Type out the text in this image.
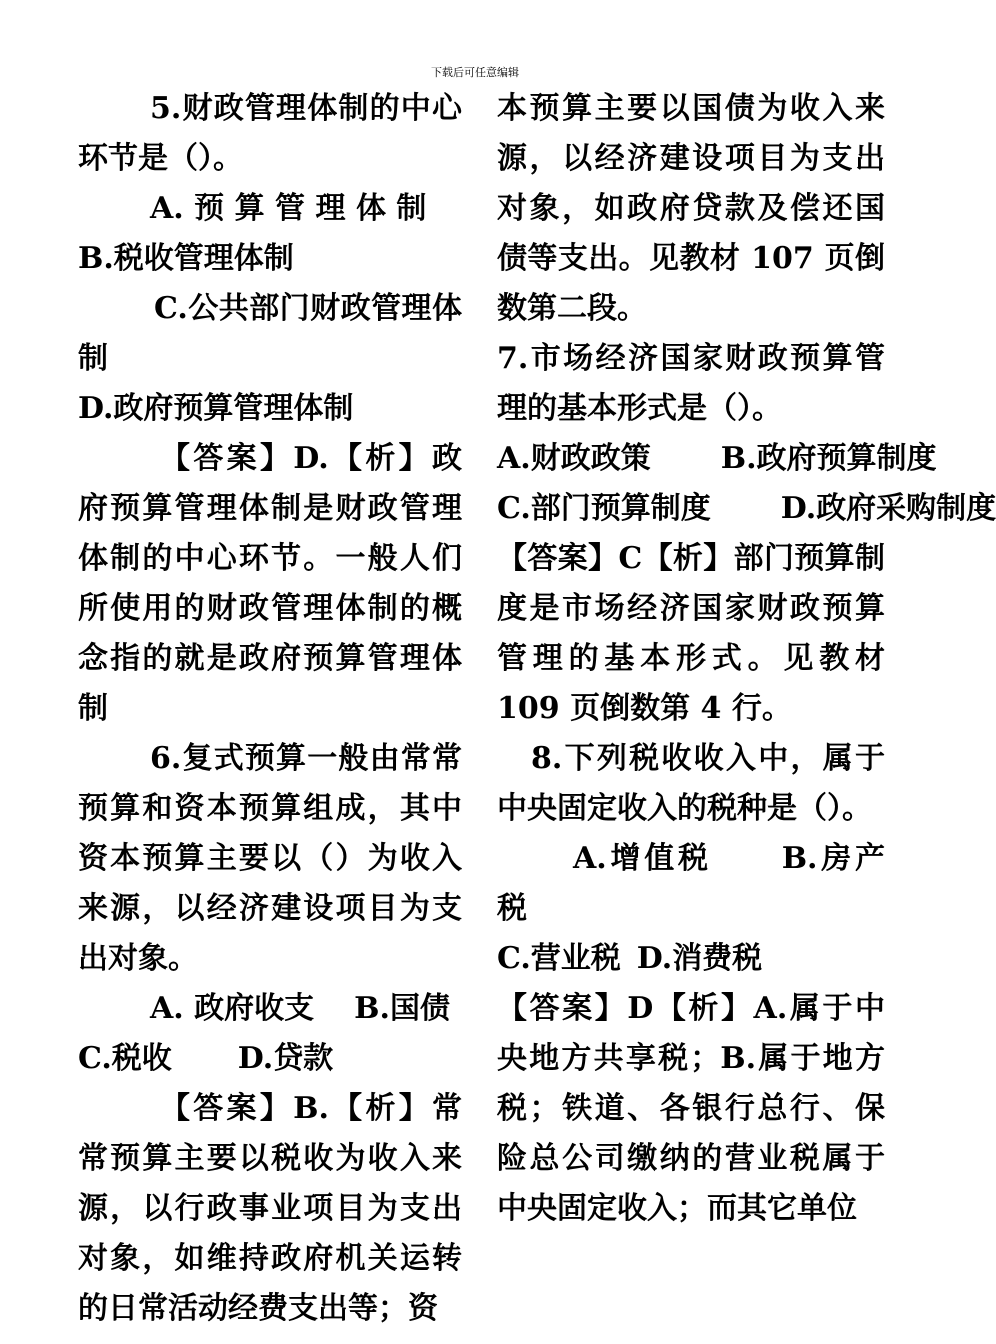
下载后可任意编辑

5.财政管理体制的中心环节是（）。

A. 预 算 管 理 体 制

B.税收管理体制

C.公共部门财政管理体制

D.政府预算管理体制

【答案】D.【析】政府预算管理体制是财政管理体制的中心环节。一般人们所使用的财政管理体制的概念指的就是政府预算管理体制

6.复式预算一般由常常预算和资本预算组成，其中资本预算主要以（）为收入来源，以经济建设项目为支出对象。

A. 政府收支 B.国债

C.税收 D.贷款

【答案】B.【析】常常预算主要以税收为收入来源，以行政事业项目为支出对象，如维持政府机关运转的日常活动经费支出等；资

本预算主要以国债为收入来源，以经济建设项目为支出对象，如政府贷款及偿还国债等支出。见教材 107 页倒数第二段。

7.市场经济国家财政预算管理的基本形式是（）。

A.财政政策 B.政府预算制度

C.部门预算制度 D.政府采购制度

【答案】C【析】部门预算制度是市场经济国家财政预算管理的基本形式。见教材 109 页倒数第 4 行。

8.下列税收收入中，属于中央固定收入的税种是（）。

A.增值税 B.房产税

C.营业税 D.消费税

【答案】D【析】A.属于中央地方共享税；B.属于地方税；铁道、各银行总行、保险总公司缴纳的营业税属于中央固定收入；而其它单位
